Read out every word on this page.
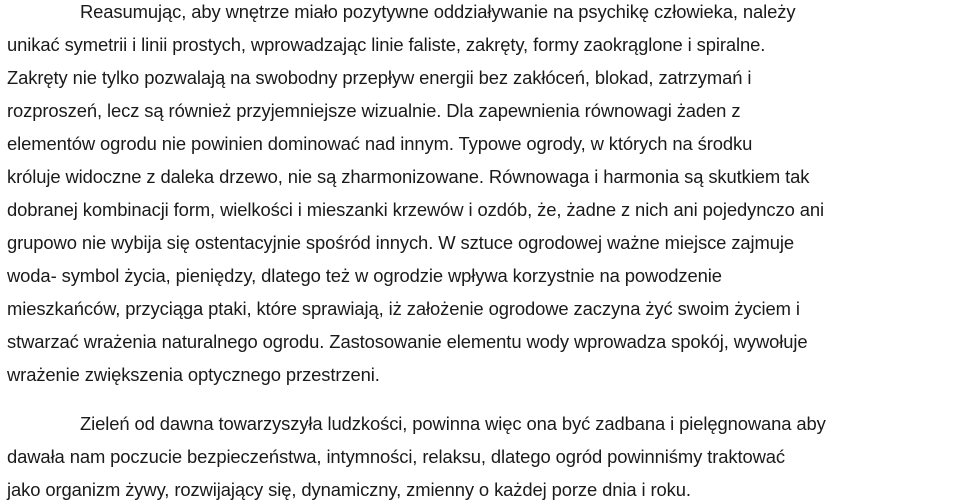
Reasumując, aby wnętrze miało pozytywne oddziaływanie na psychikę człowieka, należy
unikać symetrii i linii prostych, wprowadzając linie faliste, zakręty, formy zaokrąglone i spiralne.
Zakręty nie tylko pozwalają na swobodny przepływ energii bez zakłóceń, blokad, zatrzymań i
rozproszeń, lecz są również przyjemniejsze wizualnie. Dla zapewnienia równowagi żaden z
elementów ogrodu nie powinien dominować nad innym. Typowe ogrody, w których na środku
króluje widoczne z daleka drzewo, nie są zharmonizowane. Równowaga i harmonia są skutkiem tak
dobranej kombinacji form, wielkości i mieszanki krzewów i ozdób, że, żadne z nich ani pojedynczo ani
grupowo nie wybija się ostentacyjnie spośród innych. W sztuce ogrodowej ważne miejsce zajmuje
woda- symbol życia, pieniędzy, dlatego też w ogrodzie wpływa korzystnie na powodzenie
mieszkańców, przyciąga ptaki, które sprawiają, iż założenie ogrodowe zaczyna żyć swoim życiem i
stwarzać wrażenia naturalnego ogrodu. Zastosowanie elementu wody wprowadza spokój, wywołuje
wrażenie zwiększenia optycznego przestrzeni.
Zieleń od dawna towarzyszyła ludzkości, powinna więc ona być zadbana i pielęgnowana aby
dawała nam poczucie bezpieczeństwa, intymności, relaksu, dlatego ogród powinniśmy traktować
jako organizm żywy, rozwijający się, dynamiczny, zmienny o każdej porze dnia i roku.
